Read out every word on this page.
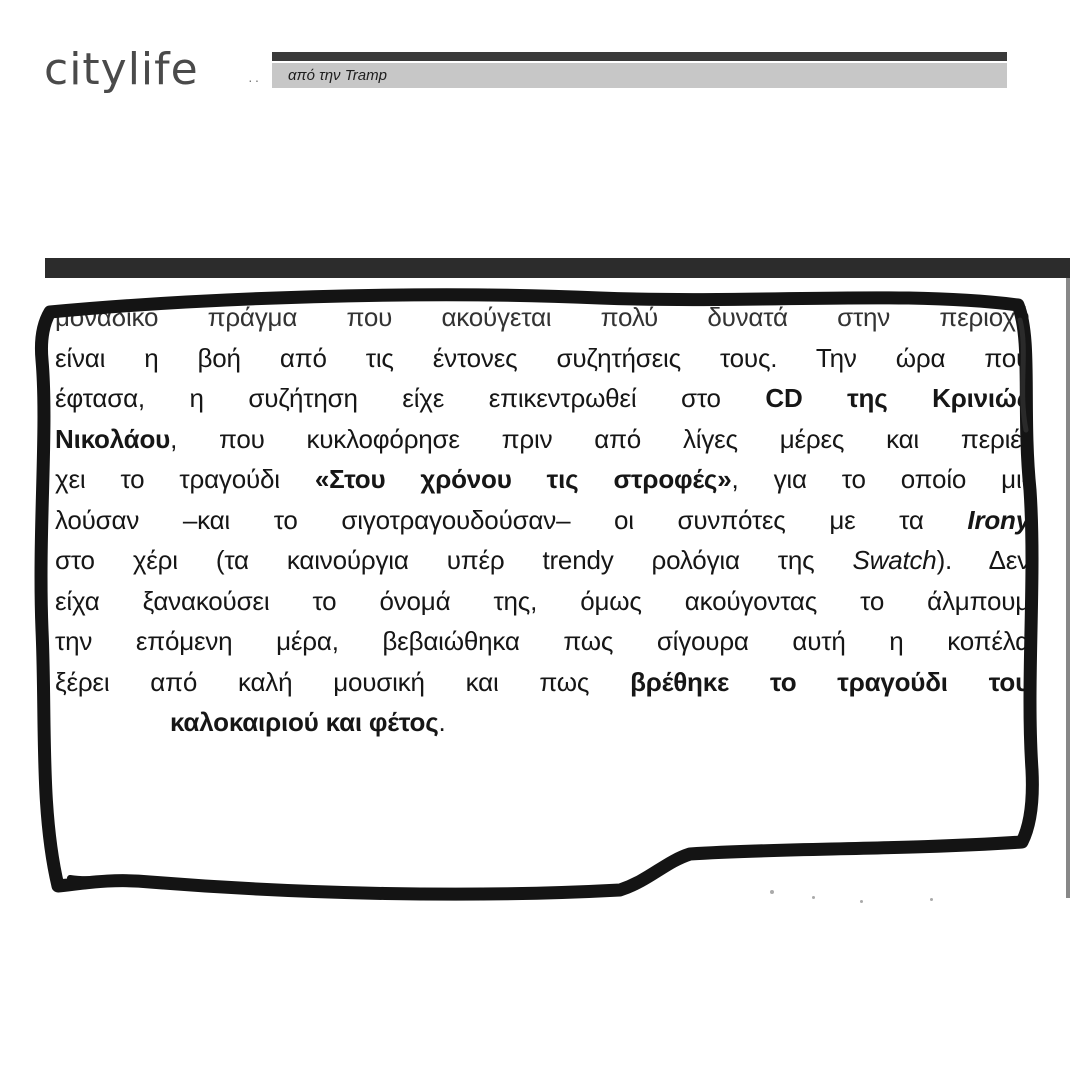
citylife	·· από την Tramp
μοναδικό πράγμα που ακούγεται πολύ δυνατά στην περιοχή
είναι η βοή από τις έντονες συζητήσεις τους. Την ώρα που
έφτασα, η συζήτηση είχε επικεντρωθεί στο CD της Κρινιώς
Νικολάου, που κυκλοφόρησε πριν από λίγες μέρες και περιέ-
χει το τραγούδι «Στου χρόνου τις στροφές», για το οποίο μι-
λούσαν –και το σιγοτραγουδούσαν– οι συνπότες με τα Irony
στο χέρι (τα καινούργια υπέρ trendy ρολόγια της Swatch). Δεν
είχα ξανακούσει το όνομά της, όμως ακούγοντας το άλμπουμ
την επόμενη μέρα, βεβαιώθηκα πως σίγουρα αυτή η κοπέλα
ξέρει από καλή μουσική και πως βρέθηκε το τραγούδι του
καλοκαιριού και φέτος.
